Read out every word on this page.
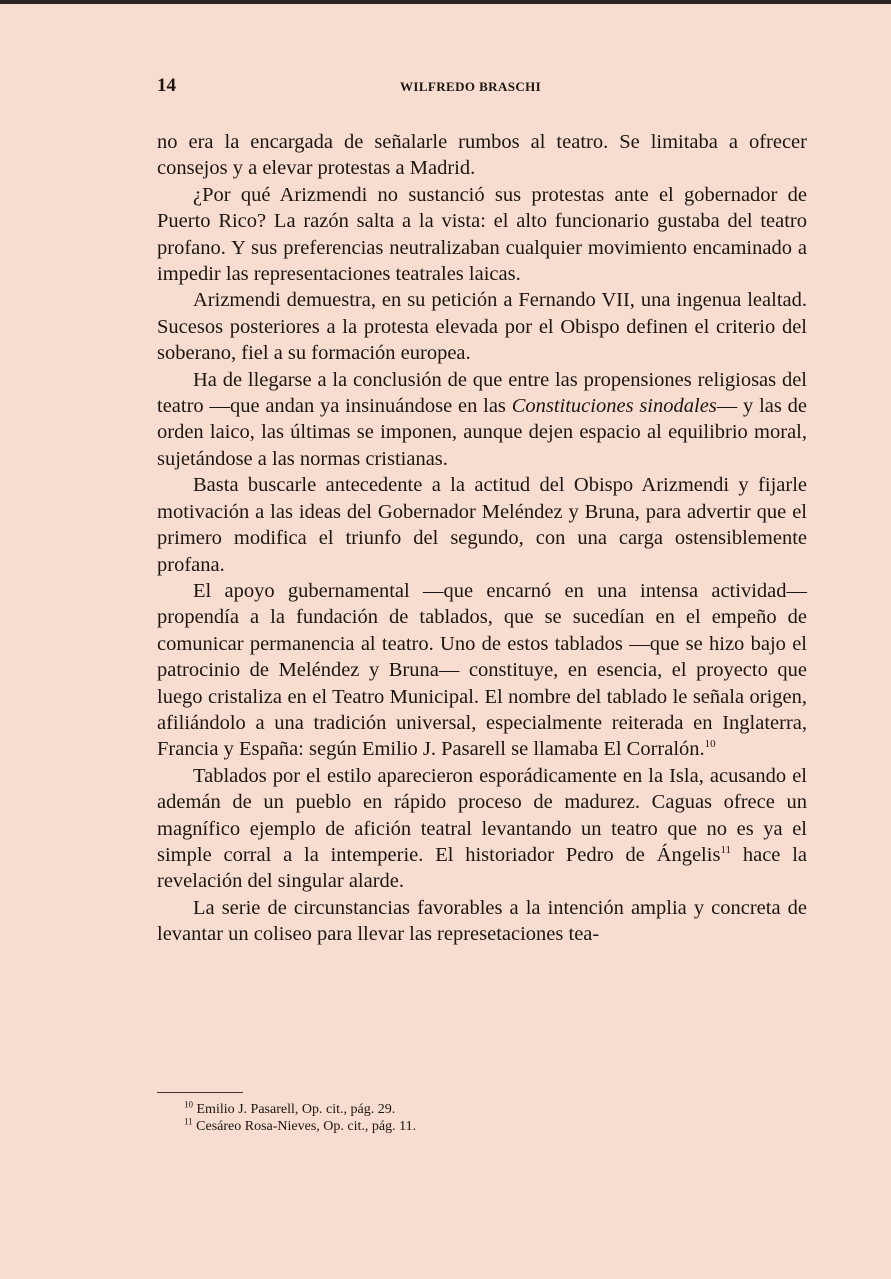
14	WILFREDO BRASCHI

no era la encargada de señalarle rumbos al teatro. Se limitaba a ofrecer consejos y a elevar protestas a Madrid.

¿Por qué Arizmendi no sustanció sus protestas ante el gobernador de Puerto Rico? La razón salta a la vista: el alto funcionario gustaba del teatro profano. Y sus preferencias neutralizaban cualquier movimiento encaminado a impedir las representaciones teatrales laicas.

Arizmendi demuestra, en su petición a Fernando VII, una ingenua lealtad. Sucesos posteriores a la protesta elevada por el Obispo definen el criterio del soberano, fiel a su formación europea.

Ha de llegarse a la conclusión de que entre las propensiones religiosas del teatro —que andan ya insinuándose en las Constituciones sinodales— y las de orden laico, las últimas se imponen, aunque dejen espacio al equilibrio moral, sujetándose a las normas cristianas.

Basta buscarle antecedente a la actitud del Obispo Arizmendi y fijarle motivación a las ideas del Gobernador Meléndez y Bruna, para advertir que el primero modifica el triunfo del segundo, con una carga ostensiblemente profana.

El apoyo gubernamental —que encarnó en una intensa actividad— propendía a la fundación de tablados, que se sucedían en el empeño de comunicar permanencia al teatro. Uno de estos tablados —que se hizo bajo el patrocinio de Meléndez y Bruna— constituye, en esencia, el proyecto que luego cristaliza en el Teatro Municipal. El nombre del tablado le señala origen, afiliándolo a una tradición universal, especialmente reiterada en Inglaterra, Francia y España: según Emilio J. Pasarell se llamaba El Corralón.$^{10}$

Tablados por el estilo aparecieron esporádicamente en la Isla, acusando el ademán de un pueblo en rápido proceso de madurez. Caguas ofrece un magnífico ejemplo de afición teatral levantando un teatro que no es ya el simple corral a la intemperie. El historiador Pedro de Ángelis$^{11}$ hace la revelación del singular alarde.

La serie de circunstancias favorables a la intención amplia y concreta de levantar un coliseo para llevar las represetaciones tea-

$^{10}$ Emilio J. Pasarell, Op. cit., pág. 29.

$^{11}$ Cesáreo Rosa-Nieves, Op. cit., pág. 11.
